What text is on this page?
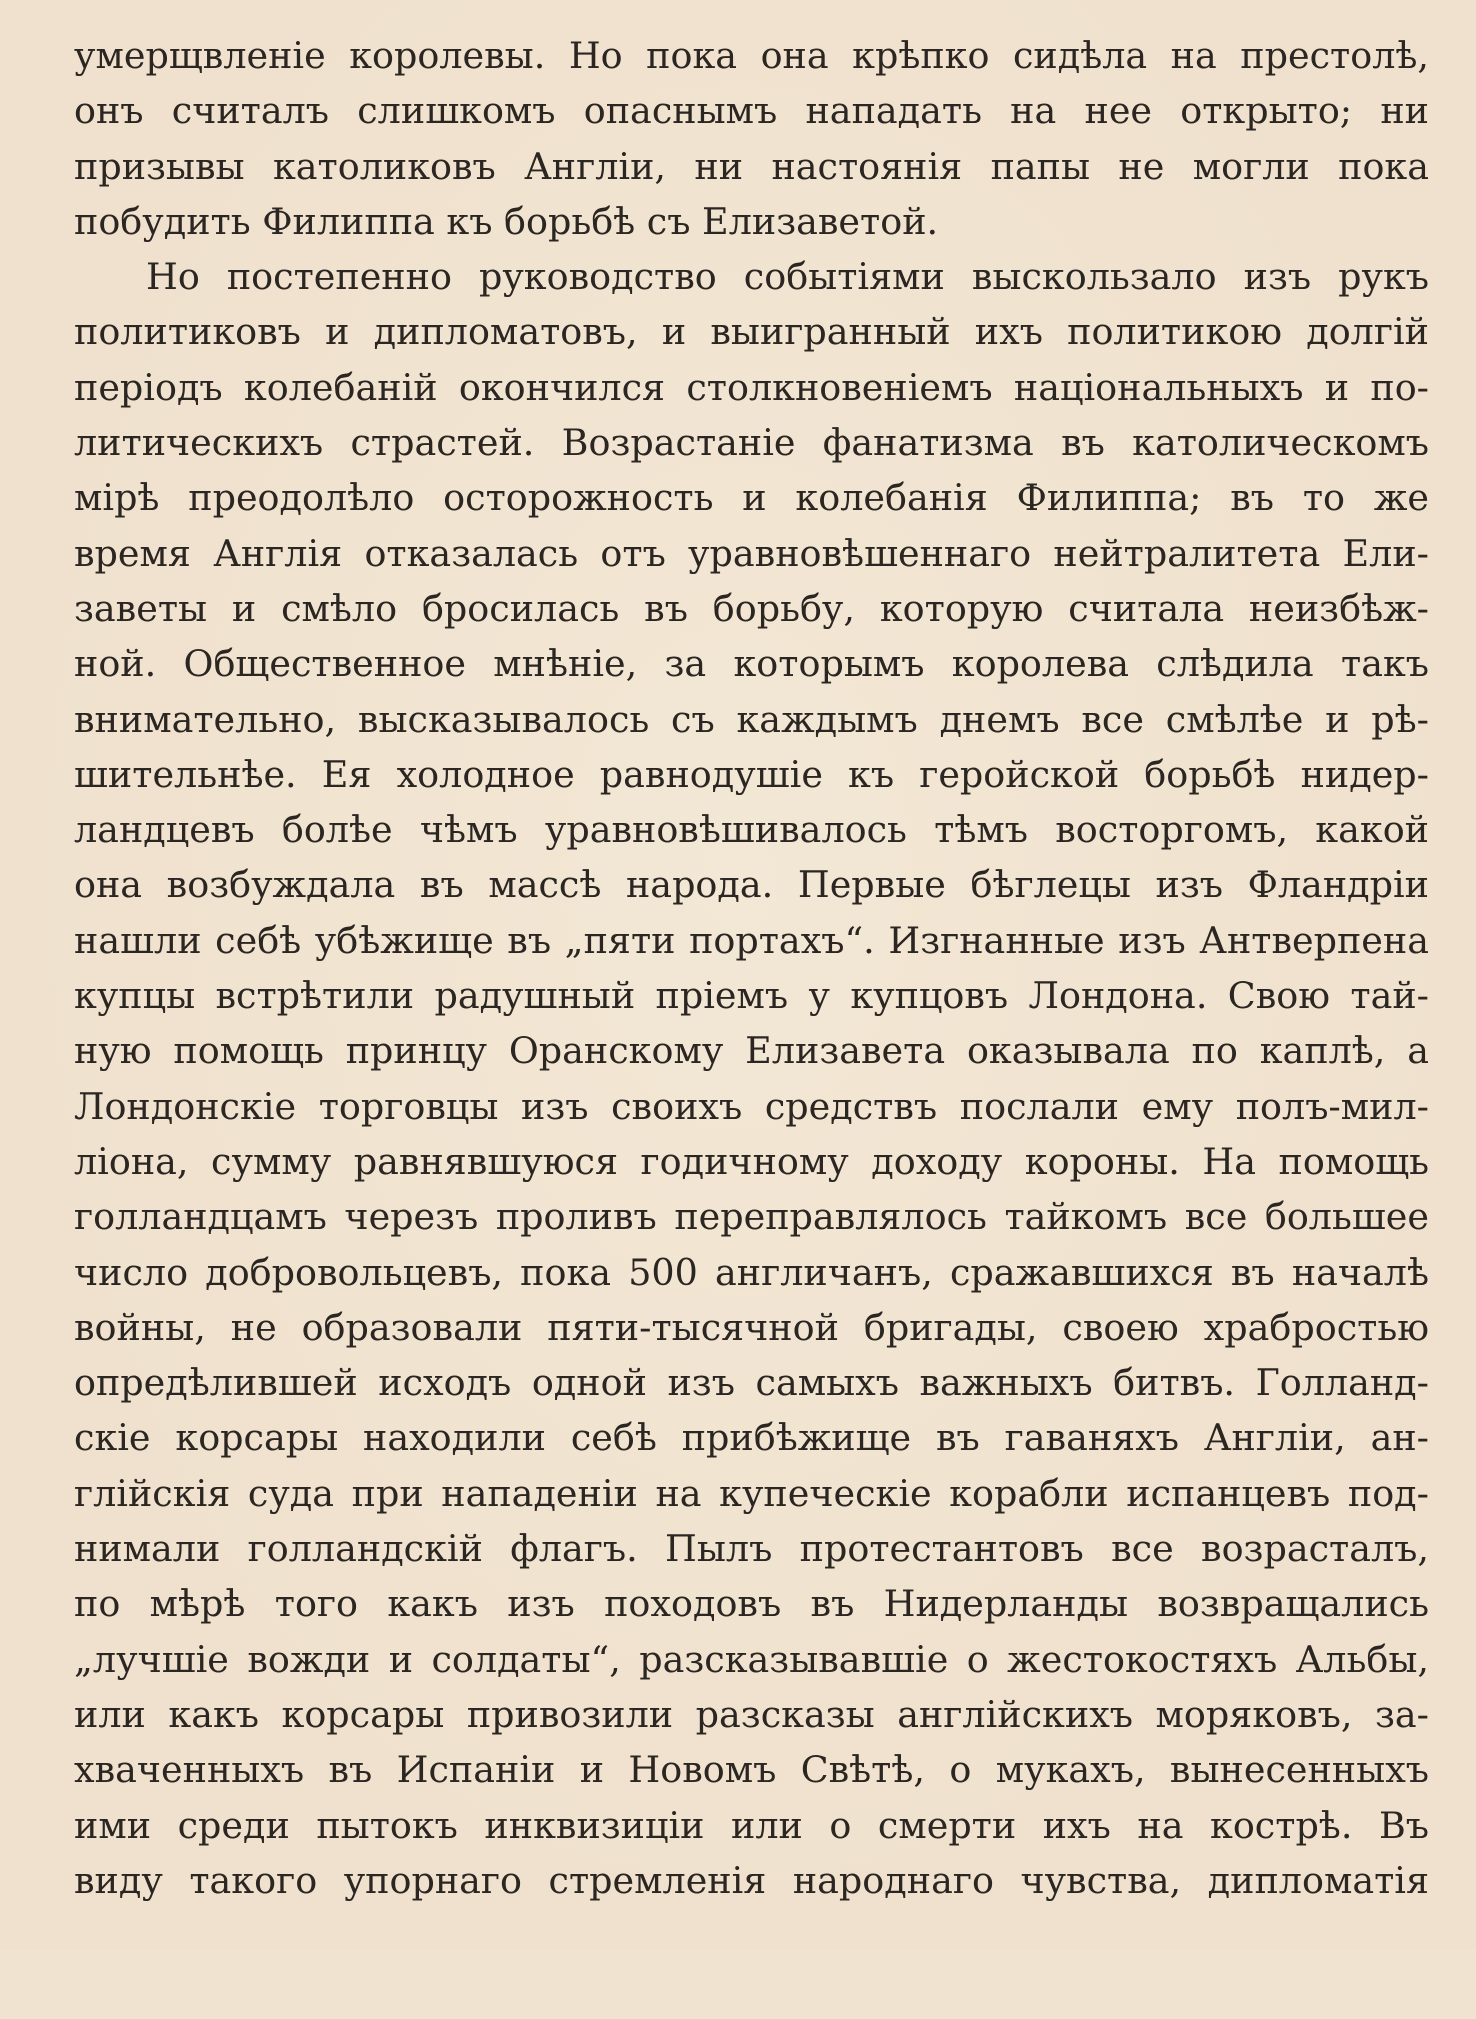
умерщвленіе королевы. Но пока она крѣпко сидѣла на престолѣ,
онъ считалъ слишкомъ опаснымъ нападать на нее открыто; ни
призывы католиковъ Англіи, ни настоянія папы не могли пока
побудить Филиппа къ борьбѣ съ Елизаветой.
Но постепенно руководство событіями выскользало изъ рукъ
политиковъ и дипломатовъ, и выигранный ихъ политикою долгій
періодъ колебаній окончился столкновеніемъ національныхъ и по-
литическихъ страстей. Возрастаніе фанатизма въ католическомъ
мірѣ преодолѣло осторожность и колебанія Филиппа; въ то же
время Англія отказалась отъ уравновѣшеннаго нейтралитета Ели-
заветы и смѣло бросилась въ борьбу, которую считала неизбѣж-
ной. Общественное мнѣніе, за которымъ королева слѣдила такъ
внимательно, высказывалось съ каждымъ днемъ все смѣлѣе и рѣ-
шительнѣе. Ея холодное равнодушіе къ геройской борьбѣ нидер-
ландцевъ болѣе чѣмъ уравновѣшивалось тѣмъ восторгомъ, какой
она возбуждала въ массѣ народа. Первые бѣглецы изъ Фландріи
нашли себѣ убѣжище въ „пяти портахъ“. Изгнанные изъ Антверпена
купцы встрѣтили радушный пріемъ у купцовъ Лондона. Свою тай-
ную помощь принцу Оранскому Елизавета оказывала по каплѣ, а
Лондонскіе торговцы изъ своихъ средствъ послали ему полъ-мил-
ліона, сумму равнявшуюся годичному доходу короны. На помощь
голландцамъ черезъ проливъ переправлялось тайкомъ все большее
число добровольцевъ, пока 500 англичанъ, сражавшихся въ началѣ
войны, не образовали пяти-тысячной бригады, своею храбростью
опредѣлившей исходъ одной изъ самыхъ важныхъ битвъ. Голланд-
скіе корсары находили себѣ прибѣжище въ гаваняхъ Англіи, ан-
глійскія суда при нападеніи на купеческіе корабли испанцевъ под-
нимали голландскій флагъ. Пылъ протестантовъ все возрасталъ,
по мѣрѣ того какъ изъ походовъ въ Нидерланды возвращались
„лучшіе вожди и солдаты“, разсказывавшіе о жестокостяхъ Альбы,
или какъ корсары привозили разсказы англійскихъ моряковъ, за-
хваченныхъ въ Испаніи и Новомъ Свѣтѣ, о мукахъ, вынесенныхъ
ими среди пытокъ инквизиціи или о смерти ихъ на кострѣ. Въ
виду такого упорнаго стремленія народнаго чувства, дипломатія
